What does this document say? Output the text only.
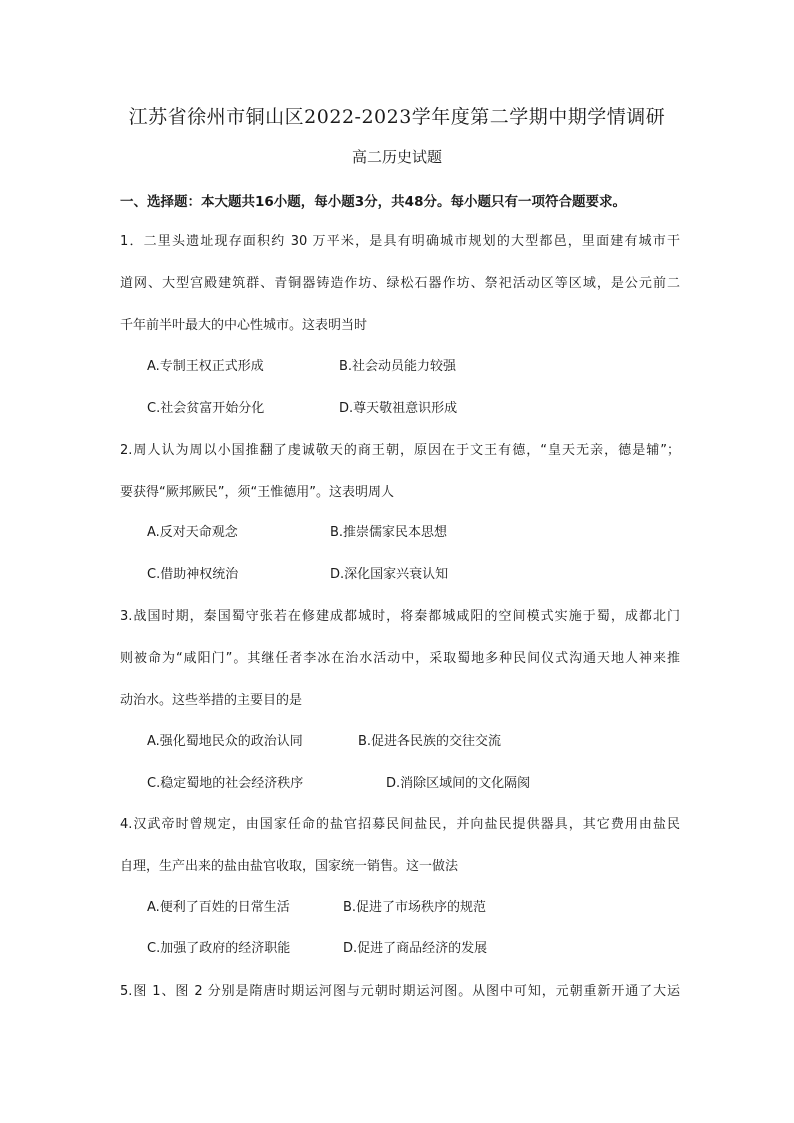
江苏省徐州市铜山区2022-2023学年度第二学期中期学情调研
高二历史试题
一、选择题：本大题共16小题，每小题3分，共48分。每小题只有一项符合题要求。
1．二里头遗址现存面积约 30 万平米，是具有明确城市规划的大型都邑，里面建有城市干
道网、大型宫殿建筑群、青铜器铸造作坊、绿松石器作坊、祭祀活动区等区域，是公元前二
千年前半叶最大的中心性城市。这表明当时
A.专制王权正式形成	B.社会动员能力较强
C.社会贫富开始分化	D.尊天敬祖意识形成
2.周人认为周以小国推翻了虔诚敬天的商王朝，原因在于文王有德，“皇天无亲，德是辅”；
要获得“厥邦厥民”，须“王惟德用”。这表明周人
A.反对天命观念	B.推崇儒家民本思想
C.借助神权统治	D.深化国家兴衰认知
3.战国时期，秦国蜀守张若在修建成都城时，将秦都城咸阳的空间模式实施于蜀，成都北门
则被命为“咸阳门”。其继任者李冰在治水活动中，采取蜀地多种民间仪式沟通天地人神来推
动治水。这些举措的主要目的是
A.强化蜀地民众的政治认同	B.促进各民族的交往交流
C.稳定蜀地的社会经济秩序	D.消除区域间的文化隔阂
4.汉武帝时曾规定，由国家任命的盐官招募民间盐民，并向盐民提供器具，其它费用由盐民
自理，生产出来的盐由盐官收取，国家统一销售。这一做法
A.便利了百姓的日常生活	B.促进了市场秩序的规范
C.加强了政府的经济职能	D.促进了商品经济的发展
5.图 1、图 2 分别是隋唐时期运河图与元朝时期运河图。从图中可知，元朝重新开通了大运
